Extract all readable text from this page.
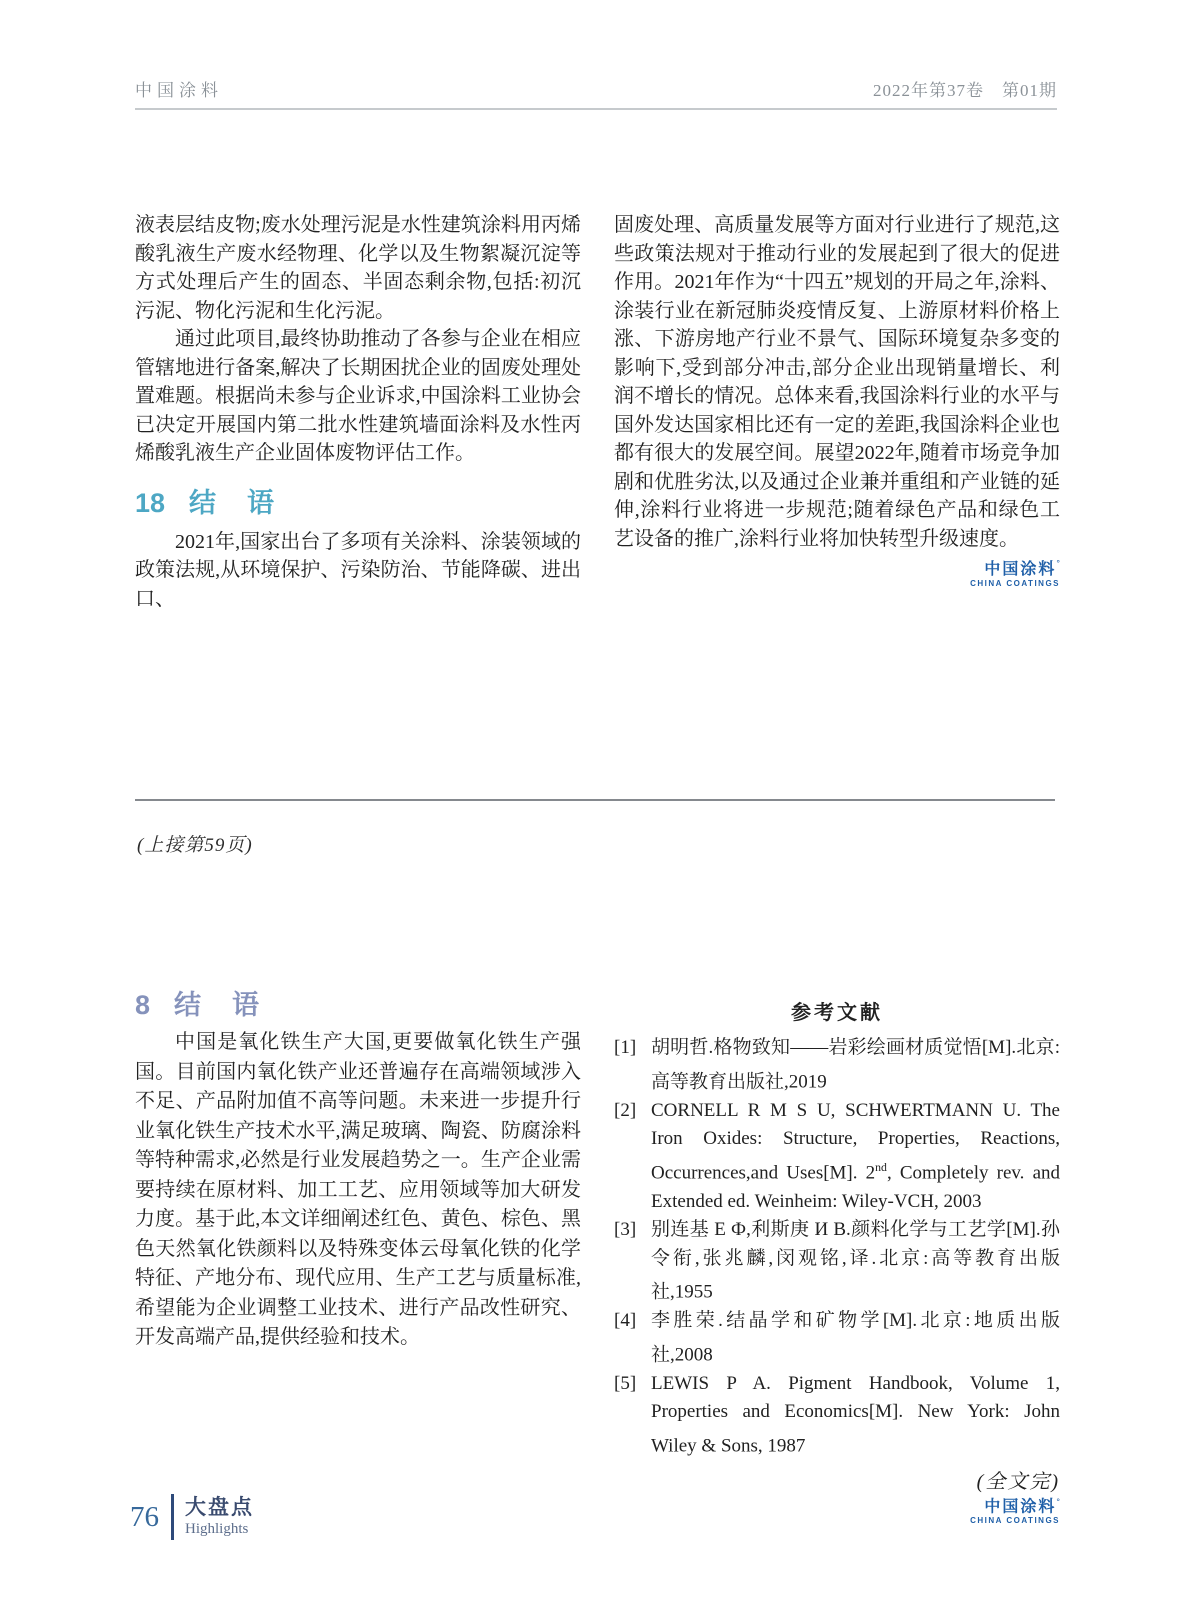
中国涂料	2022年第37卷　第01期

液表层结皮物;废水处理污泥是水性建筑涂料用丙烯酸乳液生产废水经物理、化学以及生物絮凝沉淀等方式处理后产生的固态、半固态剩余物,包括:初沉污泥、物化污泥和生化污泥。

通过此项目,最终协助推动了各参与企业在相应管辖地进行备案,解决了长期困扰企业的固废处理处置难题。根据尚未参与企业诉求,中国涂料工业协会已决定开展国内第二批水性建筑墙面涂料及水性丙烯酸乳液生产企业固体废物评估工作。

18 结　语

2021年,国家出台了多项有关涂料、涂装领域的政策法规,从环境保护、污染防治、节能降碳、进出口、

固废处理、高质量发展等方面对行业进行了规范,这些政策法规对于推动行业的发展起到了很大的促进作用。2021年作为“十四五”规划的开局之年,涂料、涂装行业在新冠肺炎疫情反复、上游原材料价格上涨、下游房地产行业不景气、国际环境复杂多变的影响下,受到部分冲击,部分企业出现销量增长、利润不增长的情况。总体来看,我国涂料行业的水平与国外发达国家相比还有一定的差距,我国涂料企业也都有很大的发展空间。展望2022年,随着市场竞争加剧和优胜劣汰,以及通过企业兼并重组和产业链的延伸,涂料行业将进一步规范;随着绿色产品和绿色工艺设备的推广,涂料行业将加快转型升级速度。

中国涂料°
CHINA COATINGS
(上接第59页)
8 结　语

中国是氧化铁生产大国,更要做氧化铁生产强国。目前国内氧化铁产业还普遍存在高端领域涉入不足、产品附加值不高等问题。未来进一步提升行业氧化铁生产技术水平,满足玻璃、陶瓷、防腐涂料等特种需求,必然是行业发展趋势之一。生产企业需要持续在原材料、加工工艺、应用领域等加大研发力度。基于此,本文详细阐述红色、黄色、棕色、黑色天然氧化铁颜料以及特殊变体云母氧化铁的化学特征、产地分布、现代应用、生产工艺与质量标准,希望能为企业调整工业技术、进行产品改性研究、开发高端产品,提供经验和技术。

参考文献
[1] 胡明哲.格物致知——岩彩绘画材质觉悟[M].北京:高等教育出版社,2019
[2] CORNELL R M S U, SCHWERTMANN U. The Iron Oxides: Structure, Properties, Reactions, Occurrences,and Uses[M]. 2nd, Completely rev. and Extended ed. Weinheim: Wiley-VCH, 2003
[3] 别连基 Е Ф,利斯庚 И В.颜料化学与工艺学[M].孙令衔,张兆麟,闵观铭,译.北京:高等教育出版社,1955
[4] 李胜荣.结晶学和矿物学[M].北京:地质出版社,2008
[5] LEWIS P A. Pigment Handbook, Volume 1, Properties and Economics[M]. New York: John Wiley & Sons, 1987
(全文完)
中国涂料°
CHINA COATINGS
76 大盘点
Highlights
